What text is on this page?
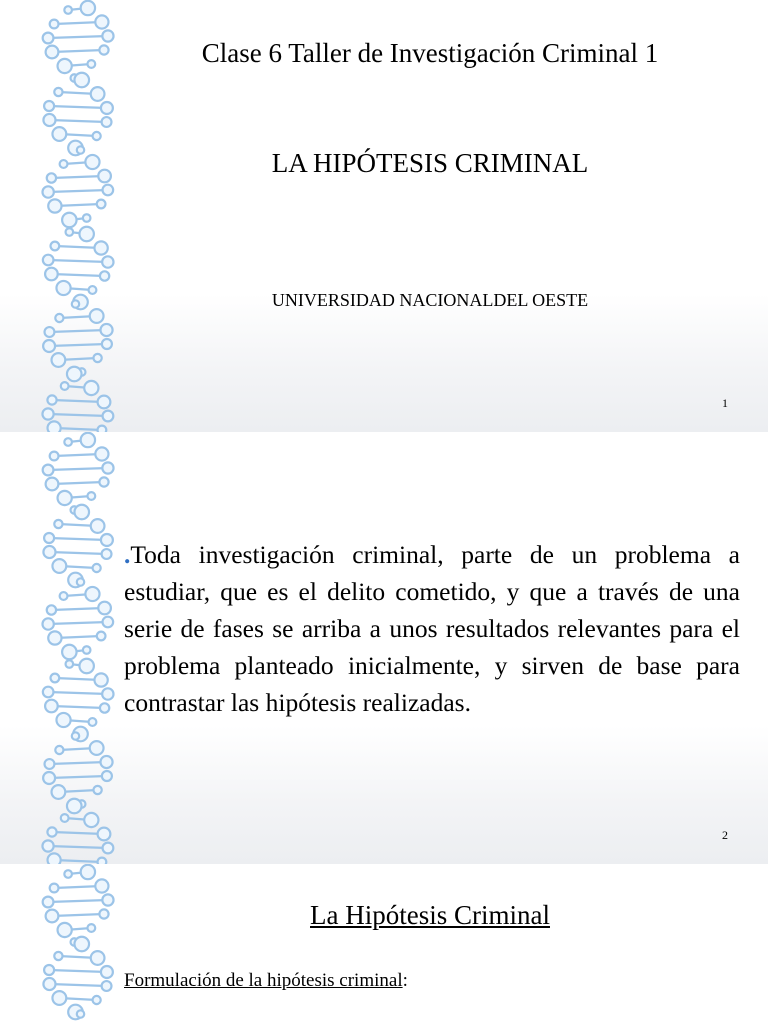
Clase 6 Taller de Investigación Criminal 1
LA HIPÓTESIS CRIMINAL
UNIVERSIDAD NACIONALDEL OESTE
1
.Toda investigación criminal, parte de un problema a estudiar, que es el delito cometido, y que a través de una serie de fases se arriba a unos resultados relevantes para el problema planteado inicialmente, y sirven de base para contrastar las hipótesis realizadas.
2
La Hipótesis Criminal
Formulación de la hipótesis criminal:
